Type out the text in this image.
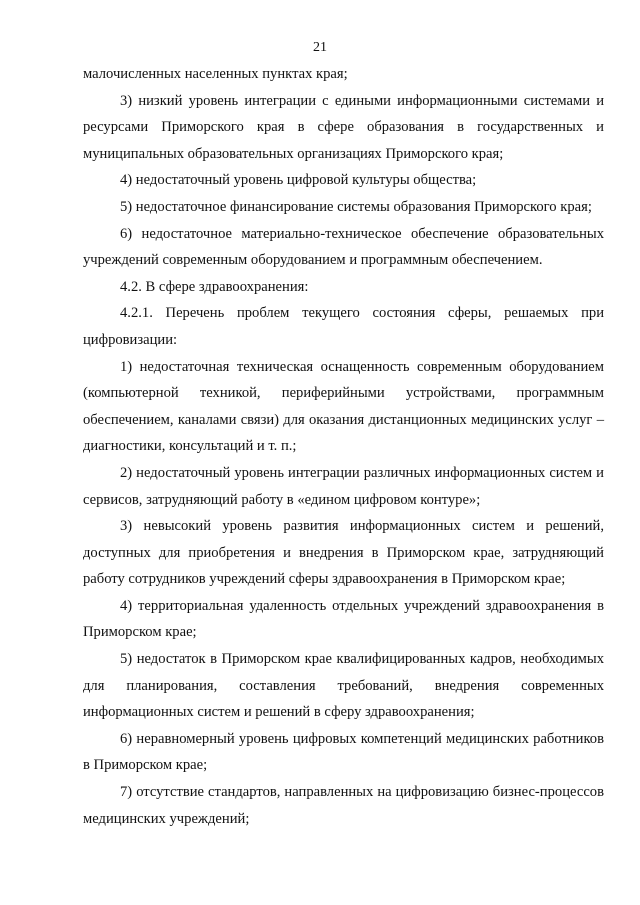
21

малочисленных населенных пунктах края;

3) низкий уровень интеграции с едиными информационными системами и ресурсами Приморского края в сфере образования в государственных и муниципальных образовательных организациях Приморского края;

4) недостаточный уровень цифровой культуры общества;

5) недостаточное финансирование системы образования Приморского края;

6) недостаточное материально-техническое обеспечение образовательных учреждений современным оборудованием и программным обеспечением.

4.2. В сфере здравоохранения:

4.2.1. Перечень проблем текущего состояния сферы, решаемых при цифровизации:

1) недостаточная техническая оснащенность современным оборудованием (компьютерной техникой, периферийными устройствами, программным обеспечением, каналами связи) для оказания дистанционных медицинских услуг – диагностики, консультаций и т. п.;

2) недостаточный уровень интеграции различных информационных систем и сервисов, затрудняющий работу в «едином цифровом контуре»;

3) невысокий уровень развития информационных систем и решений, доступных для приобретения и внедрения в Приморском крае, затрудняющий работу сотрудников учреждений сферы здравоохранения в Приморском крае;

4) территориальная удаленность отдельных учреждений здравоохранения в Приморском крае;

5) недостаток в Приморском крае квалифицированных кадров, необходимых для планирования, составления требований, внедрения современных информационных систем и решений в сферу здравоохранения;

6) неравномерный уровень цифровых компетенций медицинских работников в Приморском крае;

7) отсутствие стандартов, направленных на цифровизацию бизнес-процессов медицинских учреждений;
